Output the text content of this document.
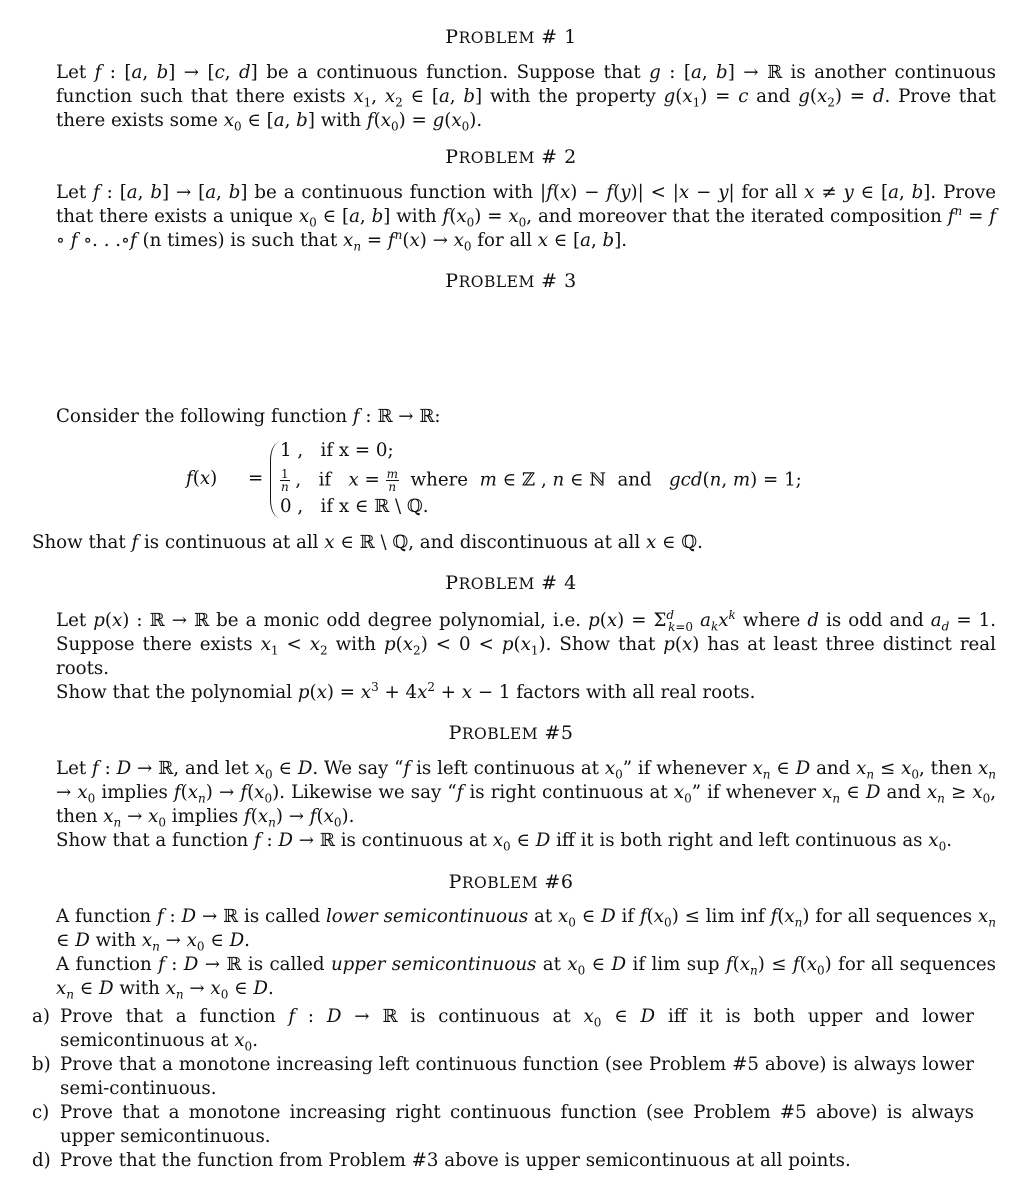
PROBLEM # 1
Let f : [a, b] → [c, d] be a continuous function. Suppose that g : [a, b] → ℝ is another continuous function such that there exists $x_1$, $x_2$ ∈ [a, b] with the property $g(x_1) = c$ and $g(x_2) = d$. Prove that there exists some $x_0$ ∈ [a, b] with $f(x_0) = g(x_0)$.
PROBLEM # 2
Let f : [a, b] → [a, b] be a continuous function with |f(x) − f(y)| < |x − y| for all x ≠ y ∈ [a, b]. Prove that there exists a unique $x_0$ ∈ [a, b] with $f(x_0) = x_0$, and moreover that the iterated composition $f^n = f$ ∘ f ∘. . .∘f (n times) is such that $x_n = f^n(x) \to x_0$ for all x ∈ [a, b].
PROBLEM # 3
Consider the following function f : ℝ → ℝ:
f(x) =
1 , if x = 0;
$\frac{1}{n}$ ,   if $x = \frac{m}{n}$ where m ∈ ℤ , n ∈ ℕ  and gcd(n, m) = 1;
0 , if x ∈ ℝ \ ℚ.
Show that f is continuous at all x ∈ ℝ \ ℚ, and discontinuous at all x ∈ ℚ.
PROBLEM # 4
Let p(x) : ℝ → ℝ be a monic odd degree polynomial, i.e. $p(x) = \Sigma^d_{k=0}$ $a_kx^k$ where d is odd and $a_d = 1$. Suppose there exists $x_1 < x_2$ with $p(x_2) < 0 < p(x_1)$. Show that p(x) has at least three distinct real roots.
Show that the polynomial $p(x) = x^3 + 4x^2 + x - 1$ factors with all real roots.
PROBLEM #5
Let f : D → ℝ, and let $x_0$ ∈ D. We say “f is left continuous at $x_0$” if whenever $x_n$ ∈ D and $x_n \le x_0$, then $x_n \to x_0$ implies $f(x_n) \to f(x_0)$. Likewise we say “f is right continuous at $x_0$” if whenever $x_n$ ∈ D and $x_n \ge x_0$, then $x_n \to x_0$ implies $f(x_n) \to f(x_0)$.
Show that a function f : D → ℝ is continuous at $x_0$ ∈ D iff it is both right and left continuous as $x_0$.
PROBLEM #6
A function f : D → ℝ is called lower semicontinuous at $x_0$ ∈ D if $f(x_0) \le \lim$ inf $f(x_n)$ for all sequences $x_n$ ∈ D with $x_n \to x_0$ ∈ D.
A function f : D → ℝ is called upper semicontinuous at $x_0$ ∈ D if lim sup $f(x_n) \le f(x_0)$ for all sequences $x_n$ ∈ D with $x_n \to x_0$ ∈ D.
a) Prove that a function f : D → ℝ is continuous at $x_0$ ∈ D iff it is both upper and lower semicontinuous at $x_0$.
b) Prove that a monotone increasing left continuous function (see Problem #5 above) is always lower semi-continuous.
c) Prove that a monotone increasing right continuous function (see Problem #5 above) is always upper semicontinuous.
d) Prove that the function from Problem #3 above is upper semicontinuous at all points.
